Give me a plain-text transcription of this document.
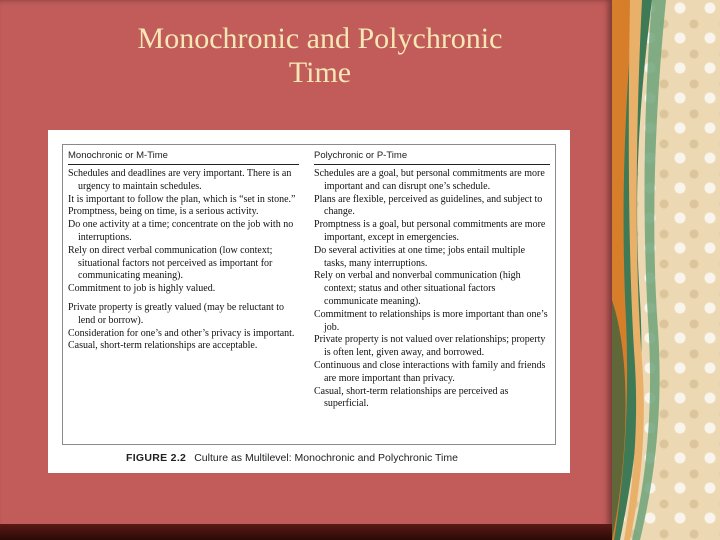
Monochronic and Polychronic
Time
Monochronic or M-Time
Schedules and deadlines are very important. There is an urgency to maintain schedules.
It is important to follow the plan, which is “set in stone.”
Promptness, being on time, is a serious activity.
Do one activity at a time; concentrate on the job with no interruptions.
Rely on direct verbal communication (low context; situational factors not perceived as important for communicating meaning).
Commitment to job is highly valued.
Private property is greatly valued (may be reluctant to lend or borrow).
Consideration for one’s and other’s privacy is important.
Casual, short-term relationships are acceptable.
Polychronic or P-Time
Schedules are a goal, but personal commitments are more important and can disrupt one’s schedule.
Plans are flexible, perceived as guidelines, and subject to change.
Promptness is a goal, but personal commitments are more important, except in emergencies.
Do several activities at one time; jobs entail multiple tasks, many interruptions.
Rely on verbal and nonverbal communication (high context; status and other situational factors communicate meaning).
Commitment to relationships is more important than one’s job.
Private property is not valued over relationships; property is often lent, given away, and borrowed.
Continuous and close interactions with family and friends are more important than privacy.
Casual, short-term relationships are perceived as superficial.
FIGURE 2.2 Culture as Multilevel: Monochronic and Polychronic Time
